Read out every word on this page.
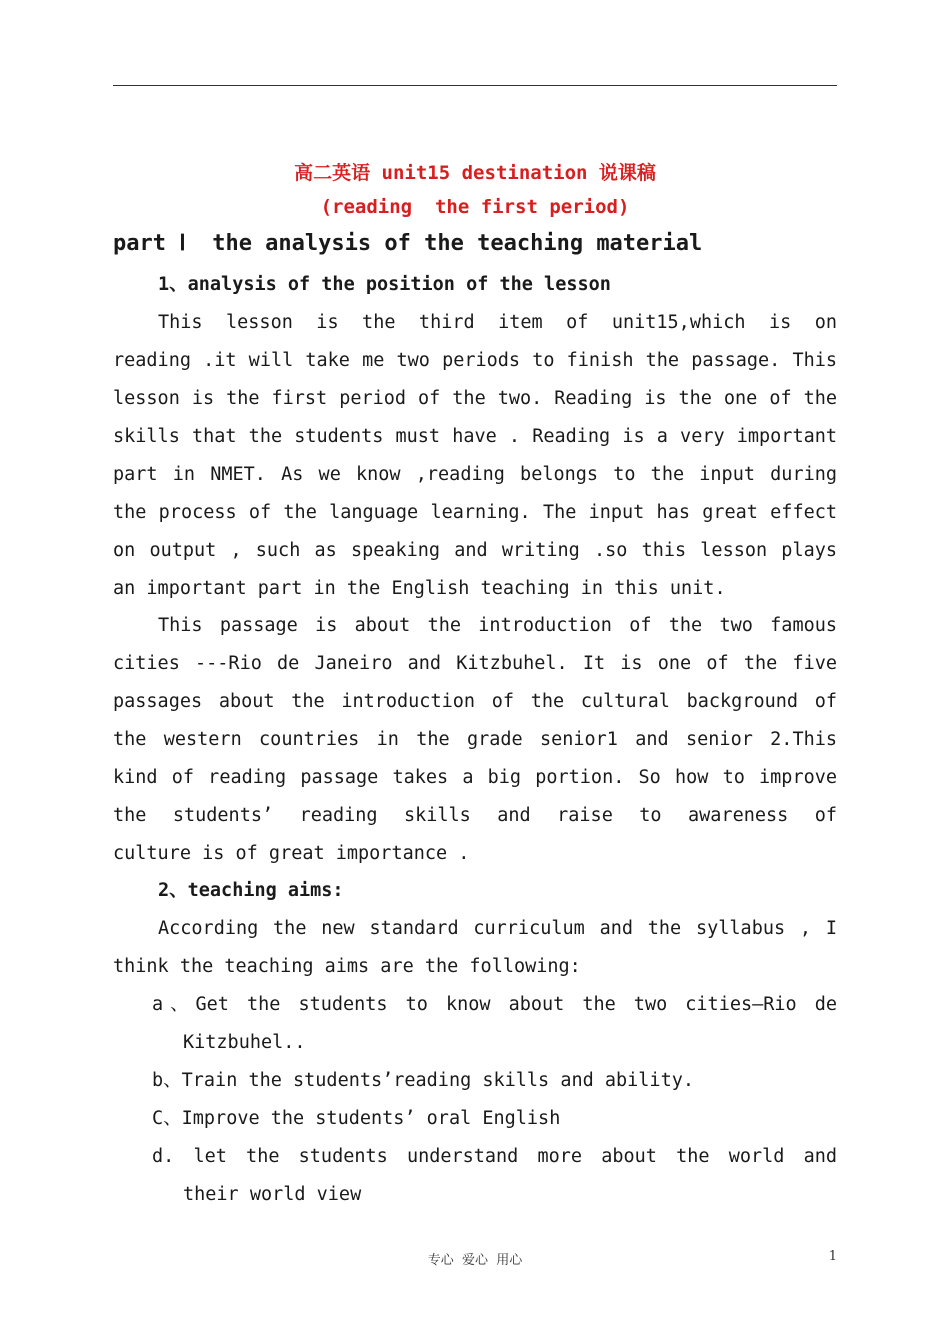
高二英语 unit15 destination 说课稿
(reading  the first period)
part Ⅰ  the analysis of the teaching material
1、analysis of the position of the lesson
This lesson is the third item of unit15,which is on
reading .it will take me two periods to finish the passage. This
lesson is the first period of the two. Reading is the one of the
skills that the students must have . Reading is a very important
part in NMET. As we know ,reading belongs to the input during
the process of the language learning. The input has great effect
on output , such as speaking and writing .so this lesson plays
an important part in the English teaching in this unit.
This passage is about the introduction of the two famous
cities ---Rio de Janeiro and Kitzbuhel. It is one of the five
passages about the introduction of the cultural background of
the western countries in the grade senior1 and senior 2.This
kind of reading passage takes a big portion. So how to improve
the students’ reading skills and raise to awareness of
culture is of great importance .
2、teaching aims:
According the new standard curriculum and the syllabus , I
think the teaching aims are the following:
a、Get the students to know about the two cities—Rio de
Kitzbuhel..
b、Train the students’reading skills and ability.
C、Improve the students’ oral English
d. let the students understand more about the world and
their world view
专心  爱心  用心	1
